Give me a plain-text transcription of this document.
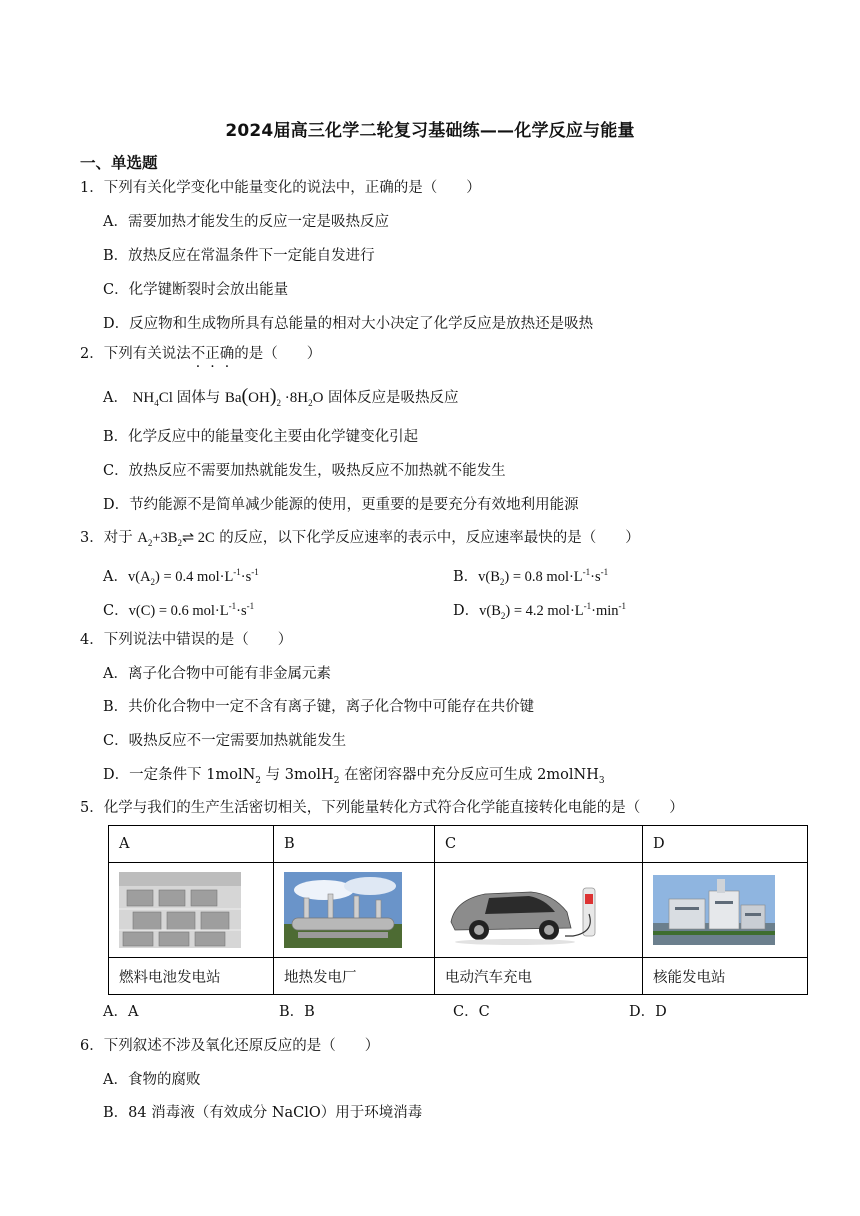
2024届高三化学二轮复习基础练——化学反应与能量
一、单选题
1．下列有关化学变化中能量变化的说法中，正确的是（　　）
A．需要加热才能发生的反应一定是吸热反应
B．放热反应在常温条件下一定能自发进行
C．化学键断裂时会放出能量
D．反应物和生成物所具有总能量的相对大小决定了化学反应是放热还是吸热
2．下列有关说法不正确的是（　　）
A． $NH_4Cl$ 固体与 $Ba(OH)_2 \cdot 8H_2O$ 固体反应是吸热反应
B．化学反应中的能量变化主要由化学键变化引起
C．放热反应不需要加热就能发生，吸热反应不加热就不能发生
D．节约能源不是简单减少能源的使用，更重要的是要充分有效地利用能源
3．对于 $A_2+3B_2\rightleftharpoons$ 2C 的反应，以下化学反应速率的表示中，反应速率最快的是（　　）
A．$v(A_2) = 0.4$ $mol\cdot L^{-1}\cdot s^{-1}$	B．$v(B_2) = 0.8$ $mol\cdot L^{-1}\cdot s^{-1}$
C．v(C) = 0.6 $mol\cdot L^{-1}\cdot s^{-1}$	D．$v(B_2) = 4.2$ $mol\cdot L^{-1}\cdot\min^{-1}$
4．下列说法中错误的是（　　）
A．离子化合物中可能有非金属元素
B．共价化合物中一定不含有离子键，离子化合物中可能存在共价键
C．吸热反应不一定需要加热就能发生
D．一定条件下 1molN$_2$ 与 3molH$_2$ 在密闭容器中充分反应可生成 2molNH$_3$
5．化学与我们的生产生活密切相关，下列能量转化方式符合化学能直接转化电能的是（　　）
A	B	C	D

燃料电池发电站	地热发电厂	电动汽车充电	核能发电站
A．A	B．B	C．C	D．D
6．下列叙述不涉及氧化还原反应的是（　　）
A．食物的腐败
B．84 消毒液（有效成分 NaClO）用于环境消毒
